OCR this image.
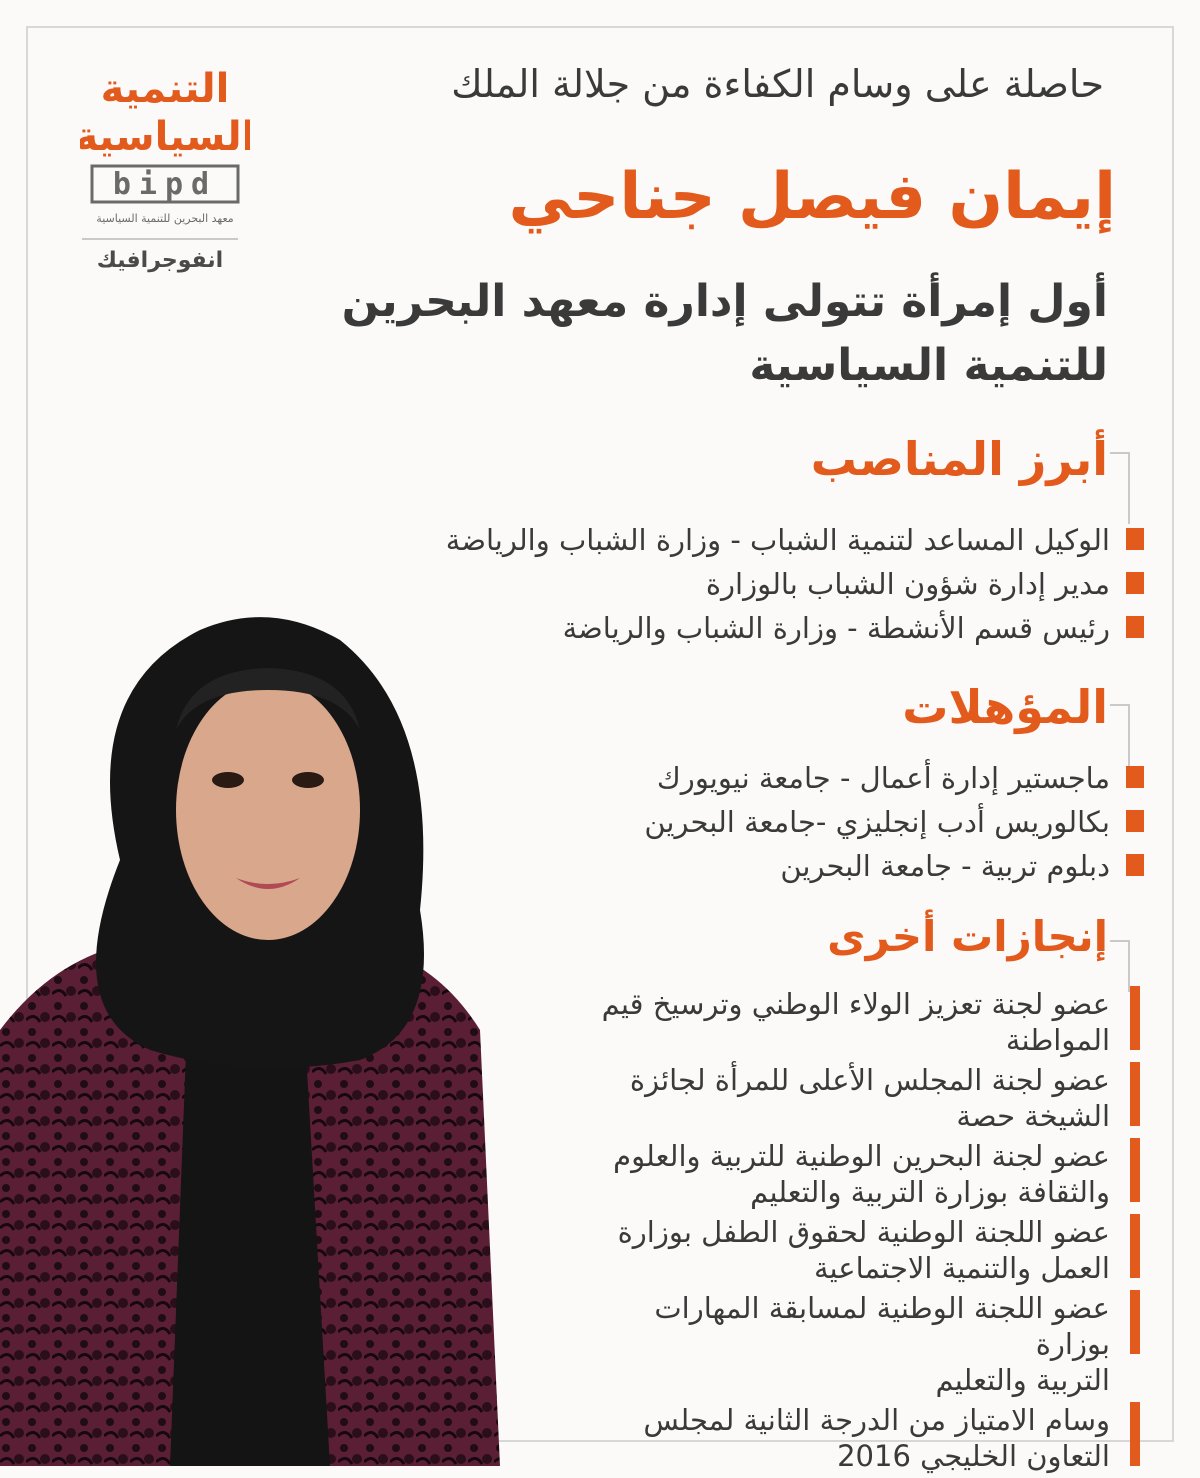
التنمية
السياسية
bipd
معهد البحرين للتنمية السياسية
انفوجرافيك
حاصلة على وسام الكفاءة من جلالة الملك
إيمان فيصل جناحي
أول إمرأة تتولى إدارة معهد البحرين
للتنمية السياسية
أبرز المناصب
الوكيل المساعد لتنمية الشباب - وزارة الشباب والرياضة
مدير إدارة شؤون الشباب بالوزارة
رئيس قسم الأنشطة - وزارة الشباب والرياضة
المؤهلات
ماجستير إدارة أعمال - جامعة نيويورك
بكالوريس أدب إنجليزي -جامعة البحرين
دبلوم تربية - جامعة البحرين
إنجازات أخرى
عضو لجنة تعزيز الولاء الوطني وترسيخ قيم
المواطنة
عضو لجنة المجلس الأعلى للمرأة لجائزة
الشيخة حصة
عضو لجنة البحرين الوطنية للتربية والعلوم
والثقافة بوزارة التربية والتعليم
عضو اللجنة الوطنية لحقوق الطفل بوزارة
العمل والتنمية الاجتماعية
عضو اللجنة الوطنية لمسابقة المهارات بوزارة
التربية والتعليم
وسام الامتياز من الدرجة الثانية لمجلس
التعاون الخليجي 2016
